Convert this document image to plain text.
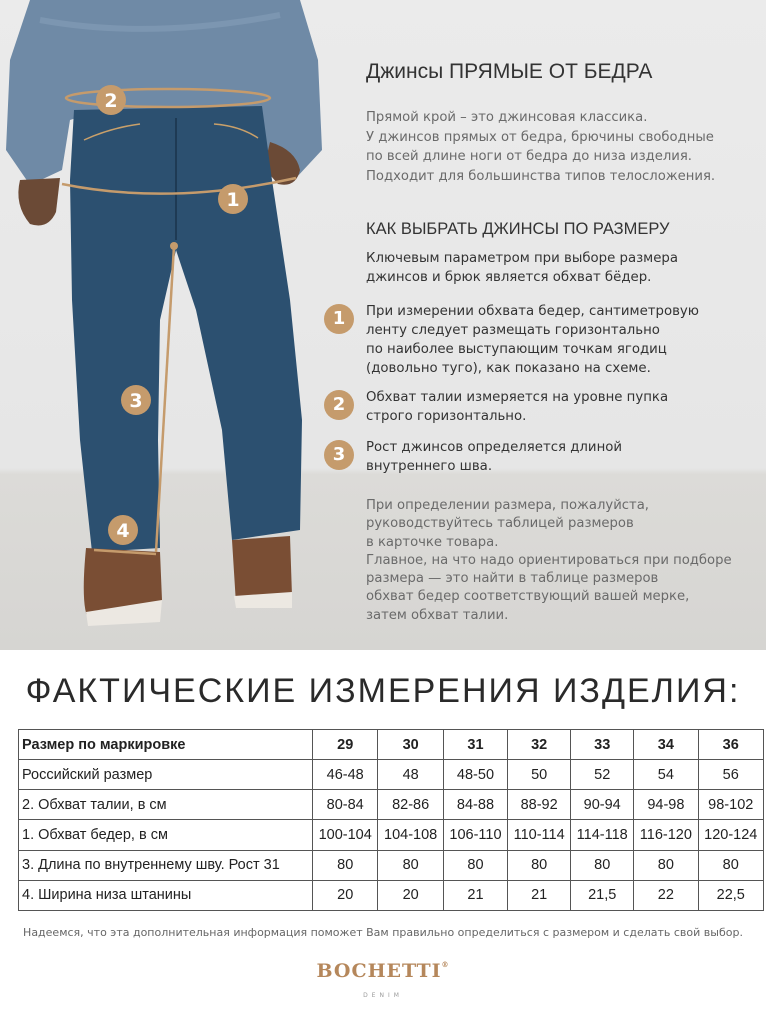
2
1
3
4
Джинсы ПРЯМЫЕ ОТ БЕДРА

Прямой крой – это джинсовая классика.
У джинсов прямых от бедра, брючины свободные
по всей длине ноги от бедра до низа изделия.
Подходит для большинства типов телосложения.

КАК ВЫБРАТЬ ДЖИНСЫ ПО РАЗМЕРУ
Ключевым параметром при выборе размера
джинсов и брюк является обхват бёдер.
1	При измерении обхвата бедер, сантиметровую
ленту следует размещать горизонтально
по наиболее выступающим точкам ягодиц
(довольно туго), как показано на схеме.
2	Обхват талии измеряется на уровне пупка
строго горизонтально.
3	Рост джинсов определяется длиной
внутреннего шва.

При определении размера, пожалуйста,
руководствуйтесь таблицей размеров
в карточке товара.
Главное, на что надо ориентироваться при подборе
размера — это найти в таблице размеров
обхват бедер соответствующий вашей мерке,
затем обхват талии.

ФАКТИЧЕСКИЕ ИЗМЕРЕНИЯ ИЗДЕЛИЯ:
Размер по маркировке	29	30	31	32	33	34	36
Российский размер	46-48	48	48-50	50	52	54	56
2. Обхват талии, в см	80-84	82-86	84-88	88-92	90-94	94-98	98-102
1. Обхват бедер, в см	100-104	104-108	106-110	110-114	114-118	116-120	120-124
3. Длина по внутреннему шву. Рост 31	80	80	80	80	80	80	80
4. Ширина низа штанины	20	20	21	21	21,5	22	22,5
Надеемся, что эта дополнительная информация поможет Вам правильно определиться с размером и сделать свой выбор.
BOCHETTI®
DENIM
